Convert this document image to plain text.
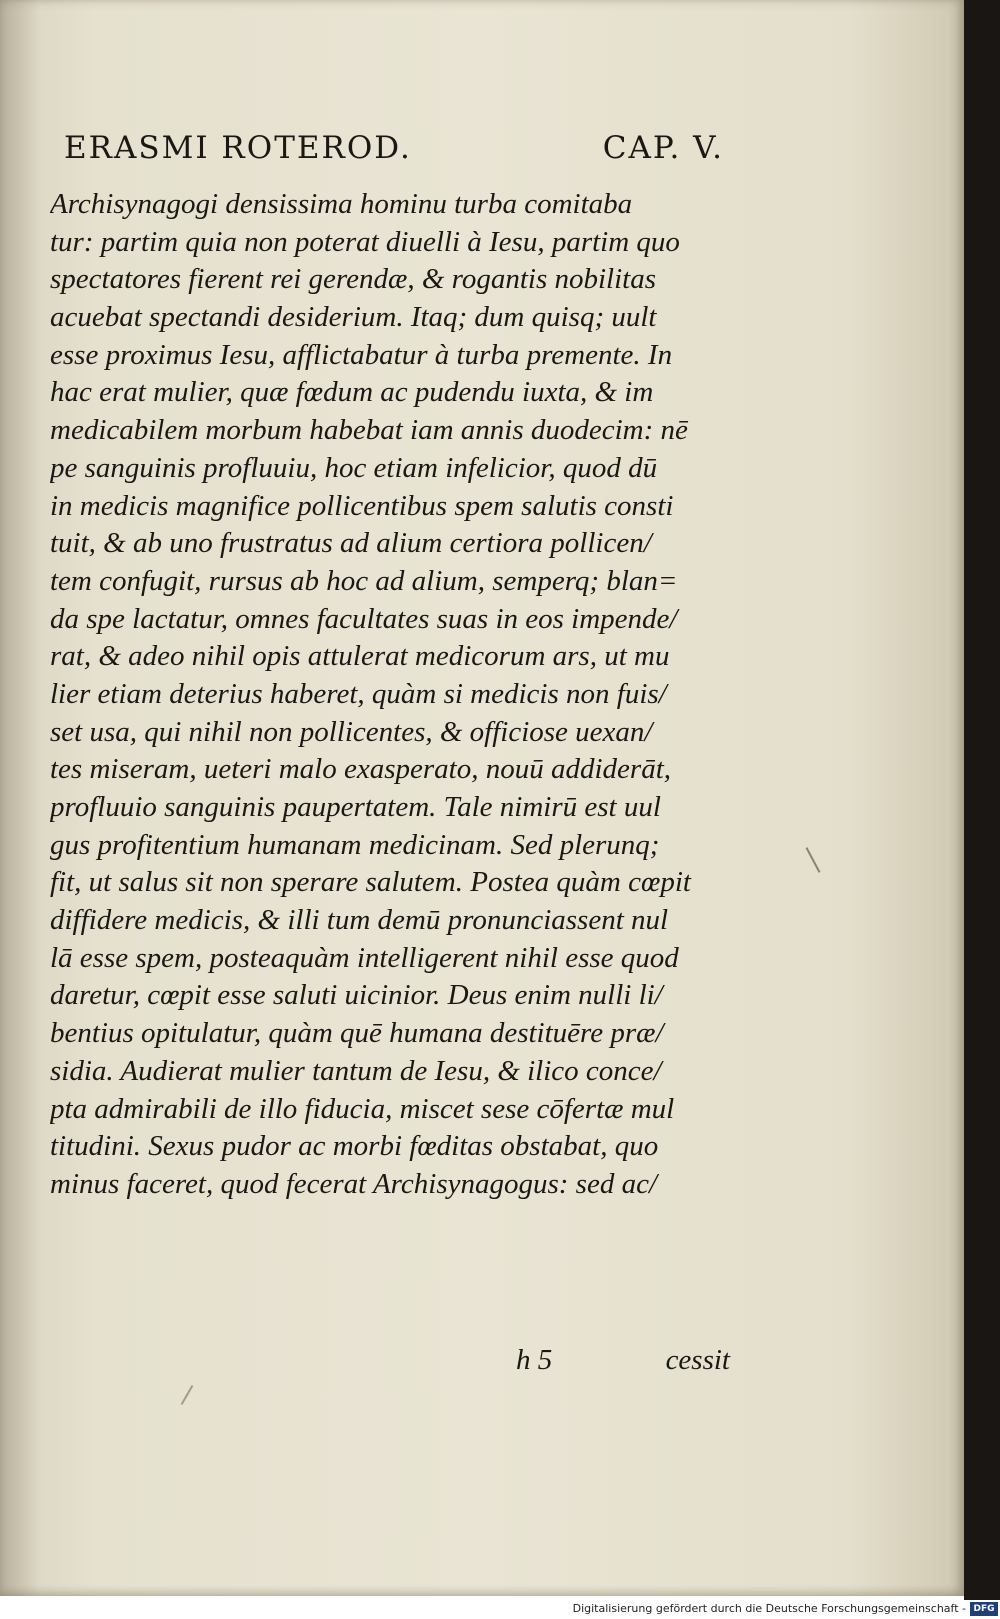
ERASMI ROTEROD.	CAP. V.
Archisynagogi densissima hominu turba comitaba
tur: partim quia non poterat diuelli à Iesu, partim quo
spectatores fierent rei gerendæ, & rogantis nobilitas
acuebat spectandi desiderium. Itaq; dum quisq; uult
esse proximus Iesu, afflictabatur à turba premente. In
hac erat mulier, quæ fœdum ac pudendu iuxta, & im
medicabilem morbum habebat iam annis duodecim: nē
pe sanguinis profluuiu, hoc etiam infelicior, quod dū
in medicis magnifice pollicentibus spem salutis consti
tuit, & ab uno frustratus ad alium certiora pollicen/
tem confugit, rursus ab hoc ad alium, semperq; blan=
da spe lactatur, omnes facultates suas in eos impende/
rat, & adeo nihil opis attulerat medicorum ars, ut mu
lier etiam deterius haberet, quàm si medicis non fuis/
set usa, qui nihil non pollicentes, & officiose uexan/
tes miseram, ueteri malo exasperato, nouū addiderāt,
profluuio sanguinis paupertatem. Tale nimirū est uul
gus profitentium humanam medicinam. Sed plerunq;
fit, ut salus sit non sperare salutem. Postea quàm cœpit
diffidere medicis, & illi tum demū pronunciassent nul
lā esse spem, posteaquàm intelligerent nihil esse quod
daretur, cœpit esse saluti uicinior. Deus enim nulli li/
bentius opitulatur, quàm quē humana destituēre præ/
sidia. Audierat mulier tantum de Iesu, & ilico conce/
pta admirabili de illo fiducia, miscet sese cōfertæ mul
titudini. Sexus pudor ac morbi fœditas obstabat, quo
minus faceret, quod fecerat Archisynagogus: sed ac/
h 5	cessit
Digitalisierung gefördert durch die Deutsche Forschungsgemeinschaft - DFG
